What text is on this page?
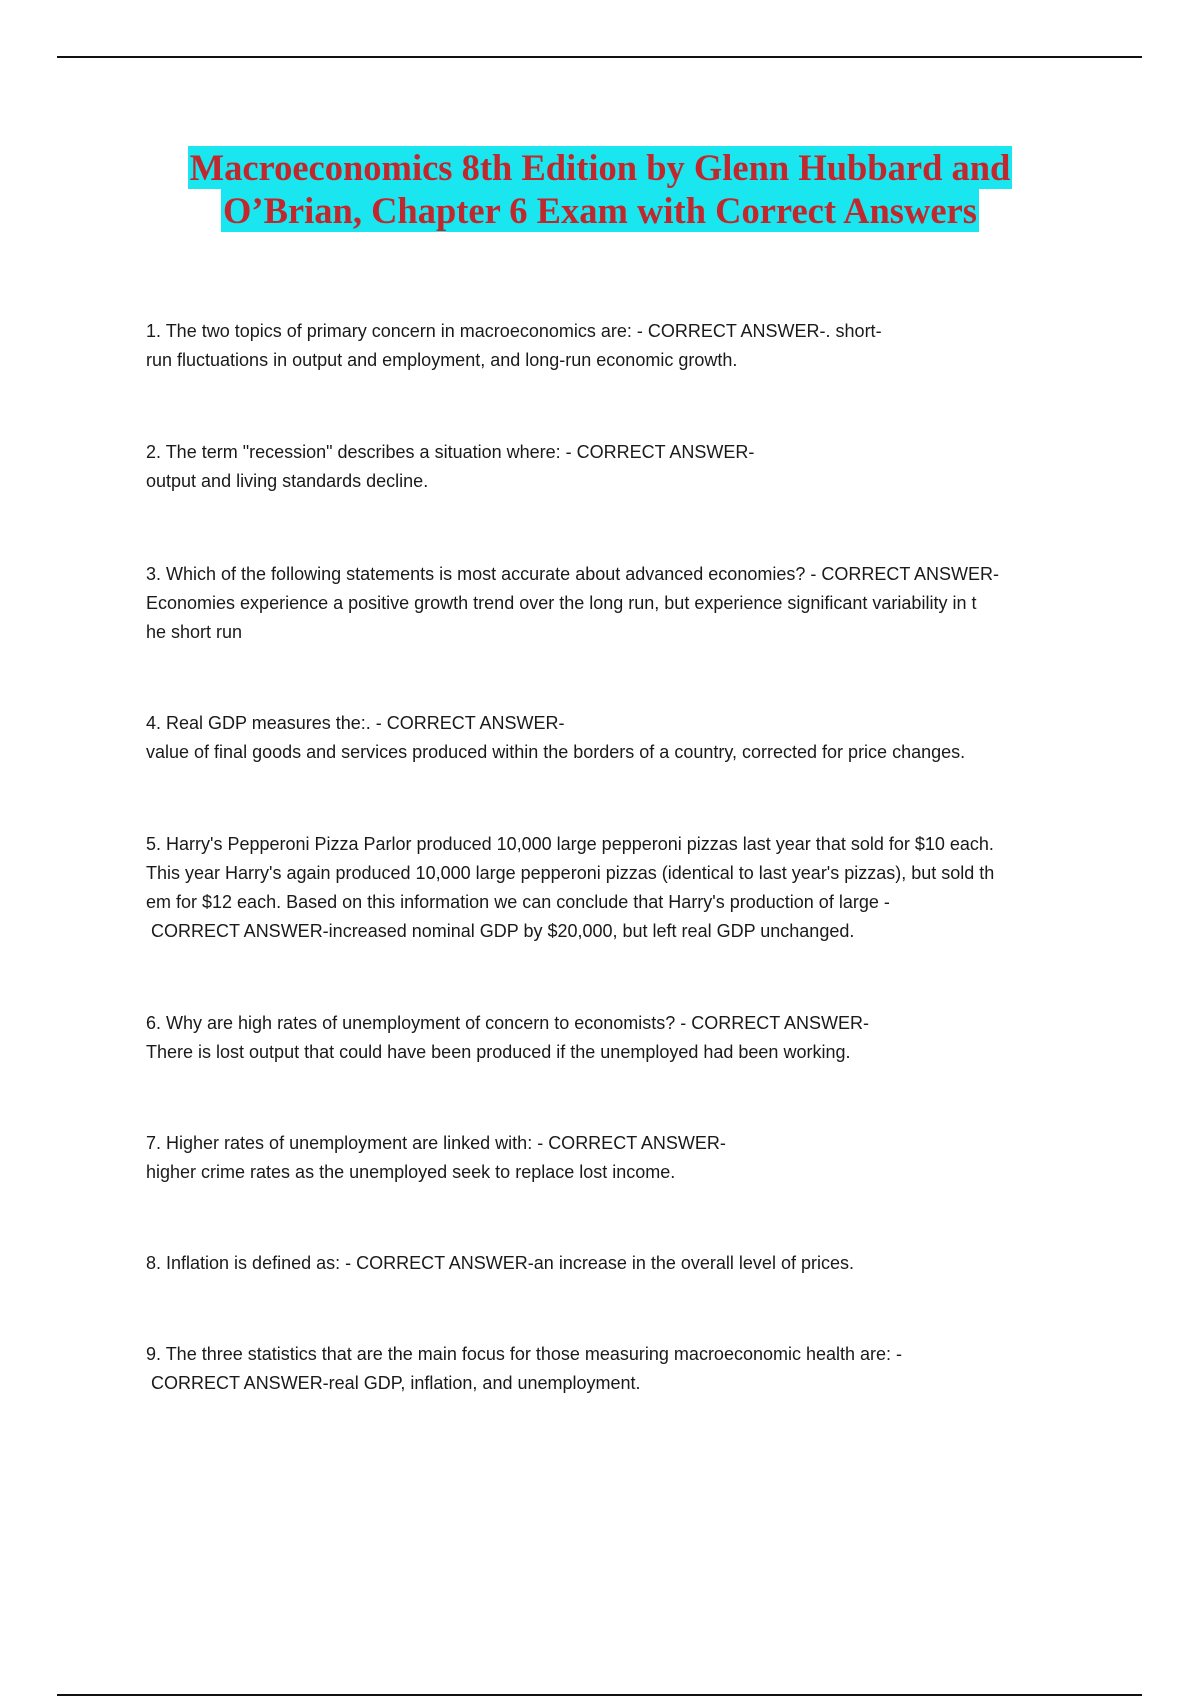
Macroeconomics 8th Edition by Glenn Hubbard and
O’Brian, Chapter 6 Exam with Correct Answers

1. The two topics of primary concern in macroeconomics are: - CORRECT ANSWER-. short-
run fluctuations in output and employment, and long-run economic growth.

2. The term "recession" describes a situation where: - CORRECT ANSWER-
output and living standards decline.

3. Which of the following statements is most accurate about advanced economies? - CORRECT ANSWER-
Economies experience a positive growth trend over the long run, but experience significant variability in t
he short run

4. Real GDP measures the:. - CORRECT ANSWER-
value of final goods and services produced within the borders of a country, corrected for price changes.

5. Harry's Pepperoni Pizza Parlor produced 10,000 large pepperoni pizzas last year that sold for $10 each.
This year Harry's again produced 10,000 large pepperoni pizzas (identical to last year's pizzas), but sold th
em for $12 each. Based on this information we can conclude that Harry's production of large -
CORRECT ANSWER-increased nominal GDP by $20,000, but left real GDP unchanged.

6. Why are high rates of unemployment of concern to economists? - CORRECT ANSWER-
There is lost output that could have been produced if the unemployed had been working.

7. Higher rates of unemployment are linked with: - CORRECT ANSWER-
higher crime rates as the unemployed seek to replace lost income.

8. Inflation is defined as: - CORRECT ANSWER-an increase in the overall level of prices.

9. The three statistics that are the main focus for those measuring macroeconomic health are: -
CORRECT ANSWER-real GDP, inflation, and unemployment.
